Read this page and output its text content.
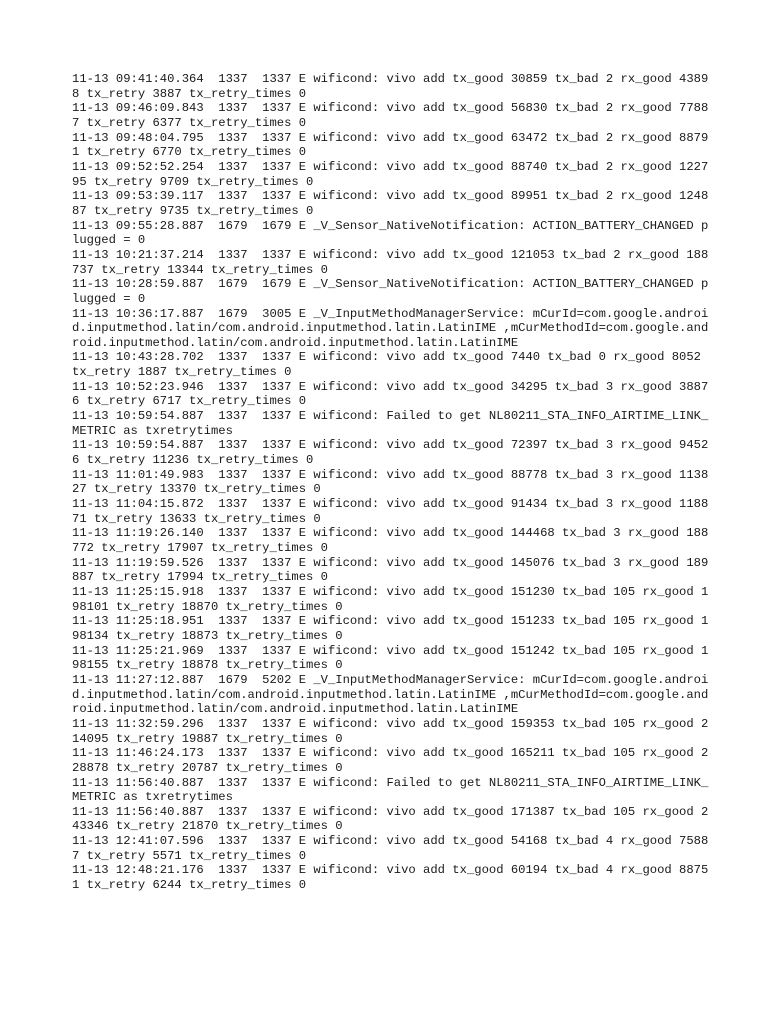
11-13 09:41:40.364  1337  1337 E wificond: vivo add tx_good 30859 tx_bad 2 rx_good 43898 tx_retry 3887 tx_retry_times 0
11-13 09:46:09.843  1337  1337 E wificond: vivo add tx_good 56830 tx_bad 2 rx_good 77887 tx_retry 6377 tx_retry_times 0
11-13 09:48:04.795  1337  1337 E wificond: vivo add tx_good 63472 tx_bad 2 rx_good 88791 tx_retry 6770 tx_retry_times 0
11-13 09:52:52.254  1337  1337 E wificond: vivo add tx_good 88740 tx_bad 2 rx_good 122795 tx_retry 9709 tx_retry_times 0
11-13 09:53:39.117  1337  1337 E wificond: vivo add tx_good 89951 tx_bad 2 rx_good 124887 tx_retry 9735 tx_retry_times 0
11-13 09:55:28.887  1679  1679 E _V_Sensor_NativeNotification: ACTION_BATTERY_CHANGED plugged = 0
11-13 10:21:37.214  1337  1337 E wificond: vivo add tx_good 121053 tx_bad 2 rx_good 188737 tx_retry 13344 tx_retry_times 0
11-13 10:28:59.887  1679  1679 E _V_Sensor_NativeNotification: ACTION_BATTERY_CHANGED plugged = 0
11-13 10:36:17.887  1679  3005 E _V_InputMethodManagerService: mCurId=com.google.android.inputmethod.latin/com.android.inputmethod.latin.LatinIME ,mCurMethodId=com.google.android.inputmethod.latin/com.android.inputmethod.latin.LatinIME
11-13 10:43:28.702  1337  1337 E wificond: vivo add tx_good 7440 tx_bad 0 rx_good 8052 tx_retry 1887 tx_retry_times 0
11-13 10:52:23.946  1337  1337 E wificond: vivo add tx_good 34295 tx_bad 3 rx_good 38876 tx_retry 6717 tx_retry_times 0
11-13 10:59:54.887  1337  1337 E wificond: Failed to get NL80211_STA_INFO_AIRTIME_LINK_METRIC as txretrytimes
11-13 10:59:54.887  1337  1337 E wificond: vivo add tx_good 72397 tx_bad 3 rx_good 94526 tx_retry 11236 tx_retry_times 0
11-13 11:01:49.983  1337  1337 E wificond: vivo add tx_good 88778 tx_bad 3 rx_good 113827 tx_retry 13370 tx_retry_times 0
11-13 11:04:15.872  1337  1337 E wificond: vivo add tx_good 91434 tx_bad 3 rx_good 118871 tx_retry 13633 tx_retry_times 0
11-13 11:19:26.140  1337  1337 E wificond: vivo add tx_good 144468 tx_bad 3 rx_good 188772 tx_retry 17907 tx_retry_times 0
11-13 11:19:59.526  1337  1337 E wificond: vivo add tx_good 145076 tx_bad 3 rx_good 189887 tx_retry 17994 tx_retry_times 0
11-13 11:25:15.918  1337  1337 E wificond: vivo add tx_good 151230 tx_bad 105 rx_good 198101 tx_retry 18870 tx_retry_times 0
11-13 11:25:18.951  1337  1337 E wificond: vivo add tx_good 151233 tx_bad 105 rx_good 198134 tx_retry 18873 tx_retry_times 0
11-13 11:25:21.969  1337  1337 E wificond: vivo add tx_good 151242 tx_bad 105 rx_good 198155 tx_retry 18878 tx_retry_times 0
11-13 11:27:12.887  1679  5202 E _V_InputMethodManagerService: mCurId=com.google.android.inputmethod.latin/com.android.inputmethod.latin.LatinIME ,mCurMethodId=com.google.android.inputmethod.latin/com.android.inputmethod.latin.LatinIME
11-13 11:32:59.296  1337  1337 E wificond: vivo add tx_good 159353 tx_bad 105 rx_good 214095 tx_retry 19887 tx_retry_times 0
11-13 11:46:24.173  1337  1337 E wificond: vivo add tx_good 165211 tx_bad 105 rx_good 228878 tx_retry 20787 tx_retry_times 0
11-13 11:56:40.887  1337  1337 E wificond: Failed to get NL80211_STA_INFO_AIRTIME_LINK_METRIC as txretrytimes
11-13 11:56:40.887  1337  1337 E wificond: vivo add tx_good 171387 tx_bad 105 rx_good 243346 tx_retry 21870 tx_retry_times 0
11-13 12:41:07.596  1337  1337 E wificond: vivo add tx_good 54168 tx_bad 4 rx_good 75887 tx_retry 5571 tx_retry_times 0
11-13 12:48:21.176  1337  1337 E wificond: vivo add tx_good 60194 tx_bad 4 rx_good 88751 tx_retry 6244 tx_retry_times 0
